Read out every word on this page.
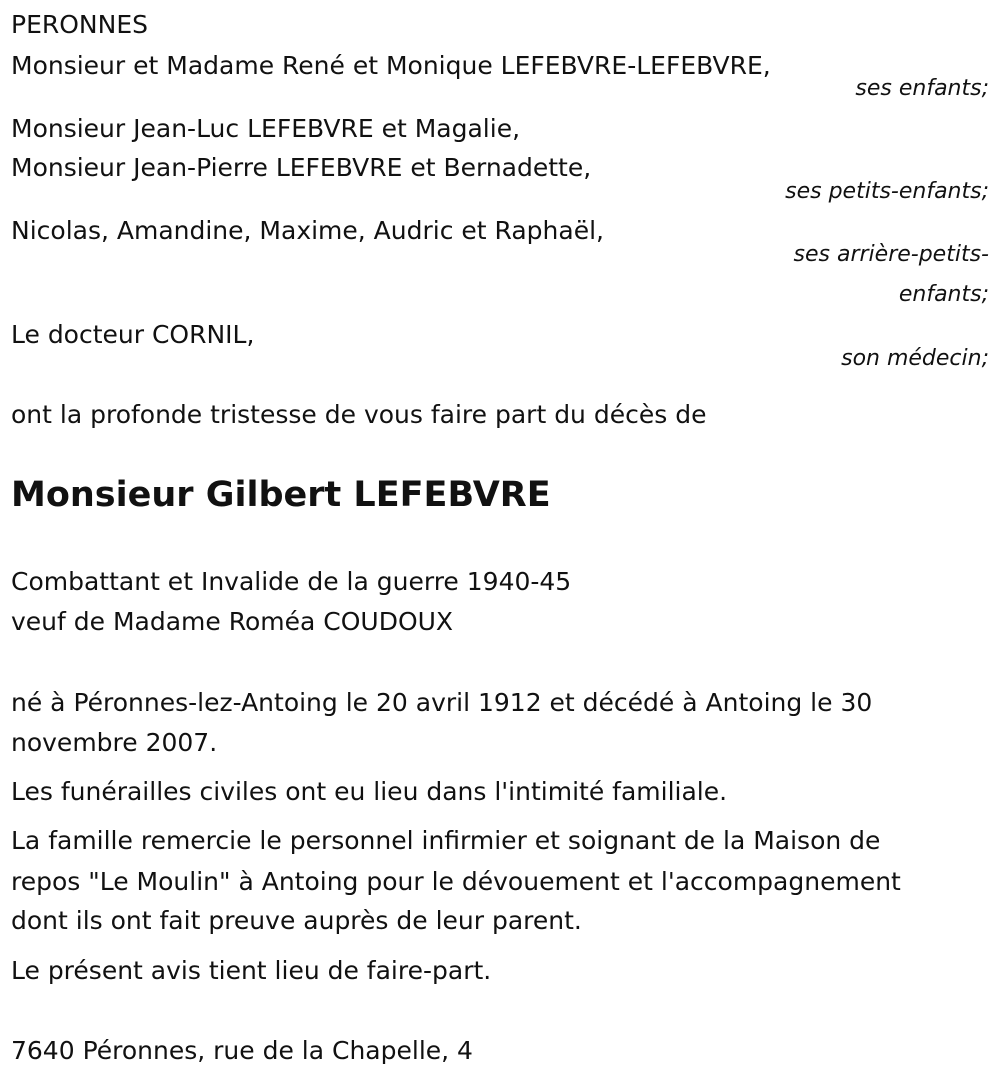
PERONNES

Monsieur et Madame René et Monique LEFEBVRE-LEFEBVRE,

ses enfants;

Monsieur Jean-Luc LEFEBVRE et Magalie,

Monsieur Jean-Pierre LEFEBVRE et Bernadette,

ses petits-enfants;

Nicolas, Amandine, Maxime, Audric et Raphaël,

ses arrière-petits-
enfants;

Le docteur CORNIL,

son médecin;

ont la profonde tristesse de vous faire part du décès de

Monsieur Gilbert LEFEBVRE

Combattant et Invalide de la guerre 1940-45

veuf de Madame Roméa COUDOUX

né à Péronnes-lez-Antoing le 20 avril 1912 et décédé à Antoing le 30

novembre 2007.

Les funérailles civiles ont eu lieu dans l'intimité familiale.

La famille remercie le personnel infirmier et soignant de la Maison de

repos "Le Moulin" à Antoing pour le dévouement et l'accompagnement

dont ils ont fait preuve auprès de leur parent.

Le présent avis tient lieu de faire-part.

7640 Péronnes, rue de la Chapelle, 4
